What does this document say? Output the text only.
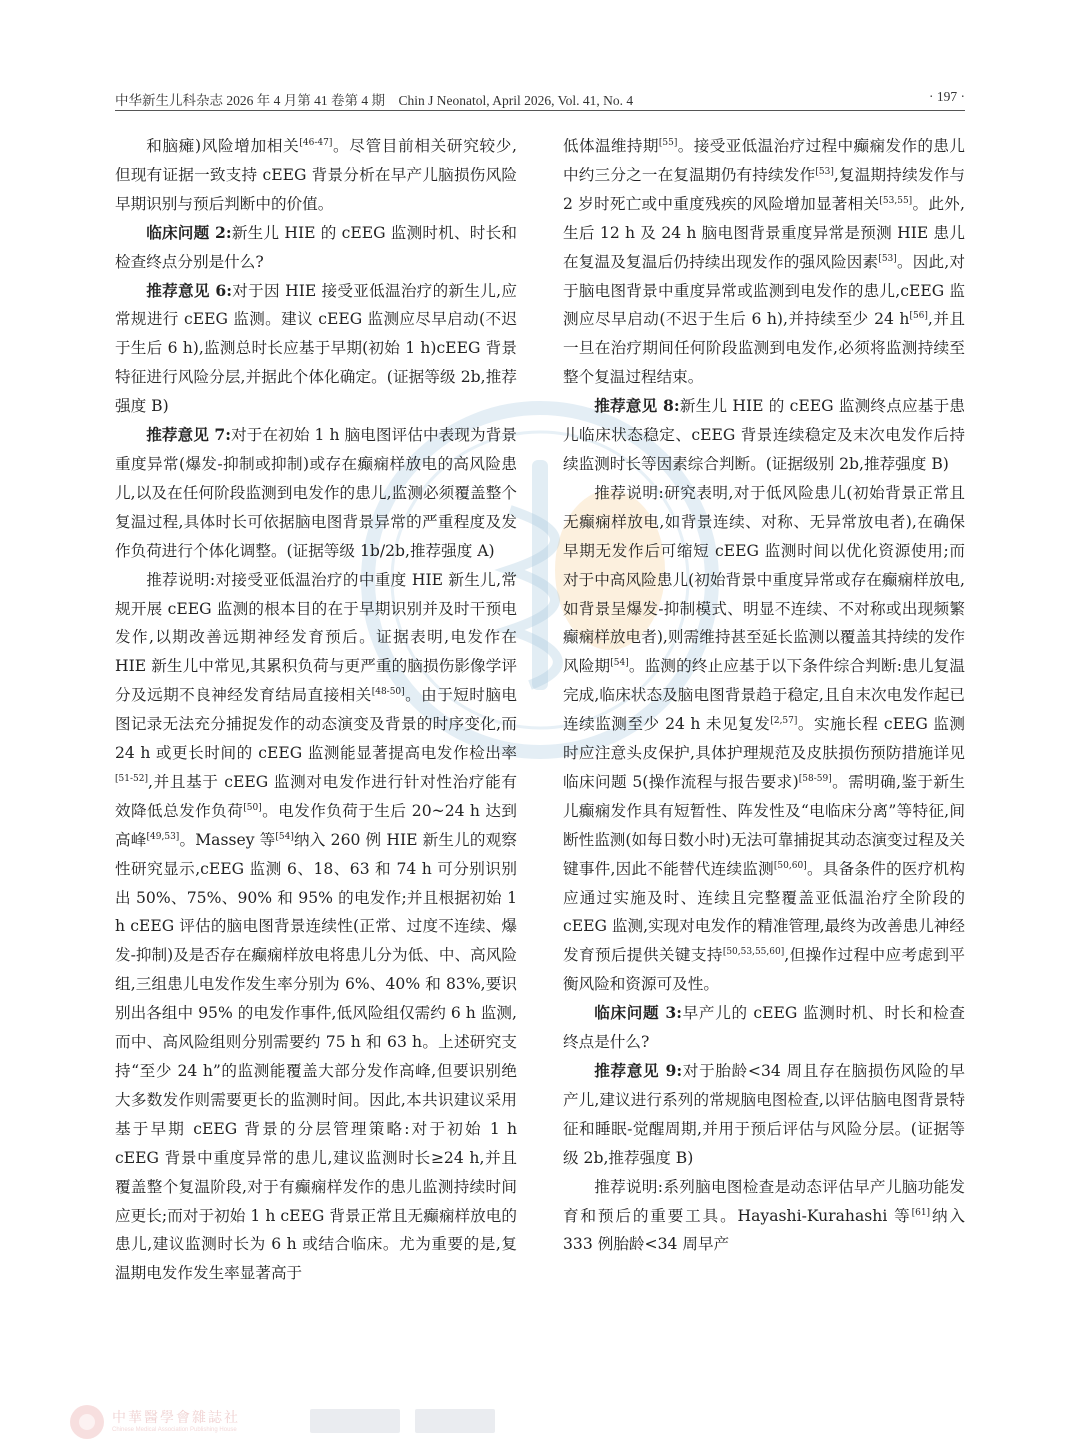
中华新生儿科杂志 2026 年 4 月第 41 卷第 4 期　Chin J Neonatol, April 2026, Vol. 41, No. 4	· 197 ·

和脑瘫)风险增加相关[46-47]。尽管目前相关研究较少,但现有证据一致支持 cEEG 背景分析在早产儿脑损伤风险早期识别与预后判断中的价值。

临床问题 2:新生儿 HIE 的 cEEG 监测时机、时长和检查终点分别是什么?

推荐意见 6:对于因 HIE 接受亚低温治疗的新生儿,应常规进行 cEEG 监测。建议 cEEG 监测应尽早启动(不迟于生后 6 h),监测总时长应基于早期(初始 1 h)cEEG 背景特征进行风险分层,并据此个体化确定。(证据等级 2b,推荐强度 B)

推荐意见 7:对于在初始 1 h 脑电图评估中表现为背景重度异常(爆发-抑制或抑制)或存在癫痫样放电的高风险患儿,以及在任何阶段监测到电发作的患儿,监测必须覆盖整个复温过程,具体时长可依据脑电图背景异常的严重程度及发作负荷进行个体化调整。(证据等级 1b/2b,推荐强度 A)

推荐说明:对接受亚低温治疗的中重度 HIE 新生儿,常规开展 cEEG 监测的根本目的在于早期识别并及时干预电发作,以期改善远期神经发育预后。证据表明,电发作在 HIE 新生儿中常见,其累积负荷与更严重的脑损伤影像学评分及远期不良神经发育结局直接相关[48-50]。由于短时脑电图记录无法充分捕捉发作的动态演变及背景的时序变化,而 24 h 或更长时间的 cEEG 监测能显著提高电发作检出率[51-52],并且基于 cEEG 监测对电发作进行针对性治疗能有效降低总发作负荷[50]。电发作负荷于生后 20~24 h 达到高峰[49,53]。Massey 等[54]纳入 260 例 HIE 新生儿的观察性研究显示,cEEG 监测 6、18、63 和 74 h 可分别识别出 50%、75%、90% 和 95% 的电发作;并且根据初始 1 h cEEG 评估的脑电图背景连续性(正常、过度不连续、爆发-抑制)及是否存在癫痫样放电将患儿分为低、中、高风险组,三组患儿电发作发生率分别为 6%、40% 和 83%,要识别出各组中 95% 的电发作事件,低风险组仅需约 6 h 监测,而中、高风险组则分别需要约 75 h 和 63 h。上述研究支持“至少 24 h”的监测能覆盖大部分发作高峰,但要识别绝大多数发作则需要更长的监测时间。因此,本共识建议采用基于早期 cEEG 背景的分层管理策略:对于初始 1 h cEEG 背景中重度异常的患儿,建议监测时长≥24 h,并且覆盖整个复温阶段,对于有癫痫样发作的患儿监测持续时间应更长;而对于初始 1 h cEEG 背景正常且无癫痫样放电的患儿,建议监测时长为 6 h 或结合临床。尤为重要的是,复温期电发作发生率显著高于

低体温维持期[55]。接受亚低温治疗过程中癫痫发作的患儿中约三分之一在复温期仍有持续发作[53],复温期持续发作与 2 岁时死亡或中重度残疾的风险增加显著相关[53,55]。此外,生后 12 h 及 24 h 脑电图背景重度异常是预测 HIE 患儿在复温及复温后仍持续出现发作的强风险因素[53]。因此,对于脑电图背景中重度异常或监测到电发作的患儿,cEEG 监测应尽早启动(不迟于生后 6 h),并持续至少 24 h[56],并且一旦在治疗期间任何阶段监测到电发作,必须将监测持续至整个复温过程结束。

推荐意见 8:新生儿 HIE 的 cEEG 监测终点应基于患儿临床状态稳定、cEEG 背景连续稳定及末次电发作后持续监测时长等因素综合判断。(证据级别 2b,推荐强度 B)

推荐说明:研究表明,对于低风险患儿(初始背景正常且无癫痫样放电,如背景连续、对称、无异常放电者),在确保早期无发作后可缩短 cEEG 监测时间以优化资源使用;而对于中高风险患儿(初始背景中重度异常或存在癫痫样放电,如背景呈爆发-抑制模式、明显不连续、不对称或出现频繁癫痫样放电者),则需维持甚至延长监测以覆盖其持续的发作风险期[54]。监测的终止应基于以下条件综合判断:患儿复温完成,临床状态及脑电图背景趋于稳定,且自末次电发作起已连续监测至少 24 h 未见复发[2,57]。实施长程 cEEG 监测时应注意头皮保护,具体护理规范及皮肤损伤预防措施详见临床问题 5(操作流程与报告要求)[58-59]。需明确,鉴于新生儿癫痫发作具有短暂性、阵发性及“电临床分离”等特征,间断性监测(如每日数小时)无法可靠捕捉其动态演变过程及关键事件,因此不能替代连续监测[50,60]。具备条件的医疗机构应通过实施及时、连续且完整覆盖亚低温治疗全阶段的 cEEG 监测,实现对电发作的精准管理,最终为改善患儿神经发育预后提供关键支持[50,53,55,60],但操作过程中应考虑到平衡风险和资源可及性。

临床问题 3:早产儿的 cEEG 监测时机、时长和检查终点是什么?

推荐意见 9:对于胎龄<34 周且存在脑损伤风险的早产儿,建议进行系列的常规脑电图检查,以评估脑电图背景特征和睡眠-觉醒周期,并用于预后评估与风险分层。(证据等级 2b,推荐强度 B)

推荐说明:系列脑电图检查是动态评估早产儿脑功能发育和预后的重要工具。Hayashi-Kurahashi 等[61]纳入 333 例胎龄<34 周早产

中華醫學會雜誌社
Chinese Medical Association Publishing House
